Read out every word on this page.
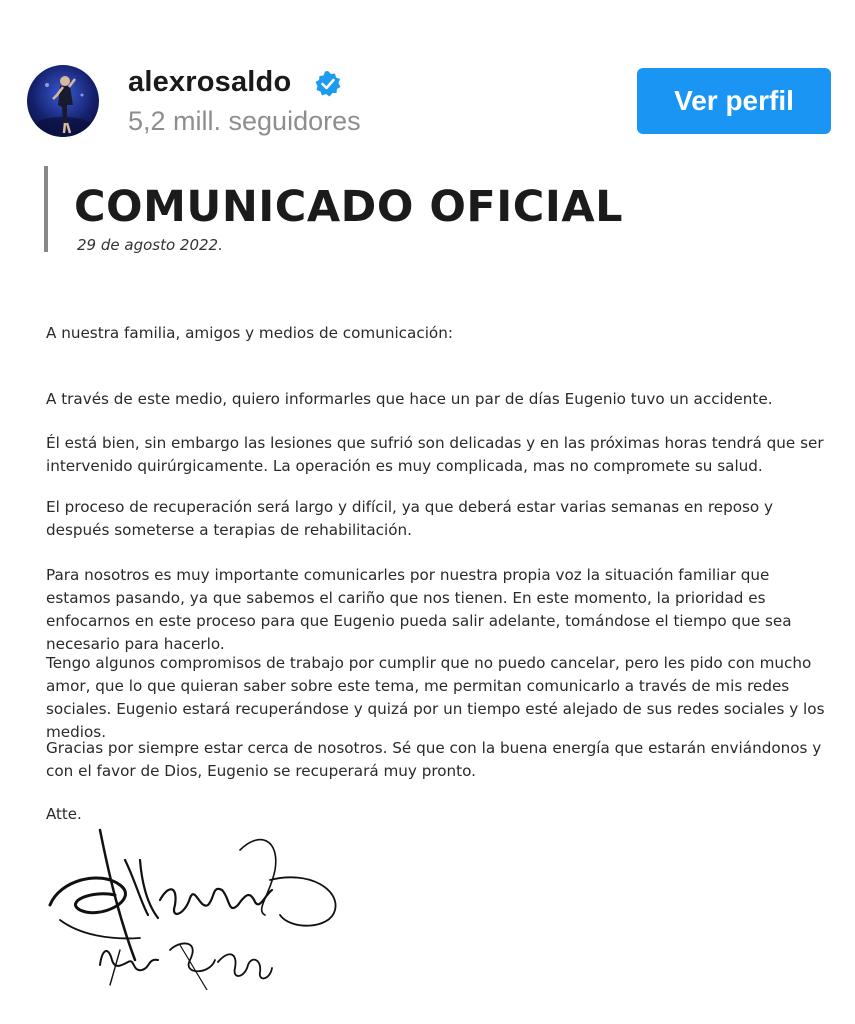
alexrosaldo
5,2 mill. seguidores
Ver perfil
COMUNICADO OFICIAL
29 de agosto 2022.
A nuestra familia, amigos y medios de comunicación:
A través de este medio, quiero informarles que hace un par de días Eugenio tuvo un accidente.
Él está bien, sin embargo las lesiones que sufrió son delicadas y en las próximas horas tendrá que ser intervenido quirúrgicamente. La operación es muy complicada, mas no compromete su salud.
El proceso de recuperación será largo y difícil, ya que deberá estar varias semanas en reposo y después someterse a terapias de rehabilitación.
Para nosotros es muy importante comunicarles por nuestra propia voz la situación familiar que estamos pasando, ya que sabemos el cariño que nos tienen. En este momento, la prioridad es enfocarnos en este proceso para que Eugenio pueda salir adelante, tomándose el tiempo que sea necesario para hacerlo.
Tengo algunos compromisos de trabajo por cumplir que no puedo cancelar, pero les pido con mucho amor, que lo que quieran saber sobre este tema, me permitan comunicarlo a través de mis redes sociales. Eugenio estará recuperándose y quizá por un tiempo esté alejado de sus redes sociales y los medios.
Gracias por siempre estar cerca de nosotros. Sé que con la buena energía que estarán enviándonos y con el favor de Dios, Eugenio se recuperará muy pronto.
Atte.
